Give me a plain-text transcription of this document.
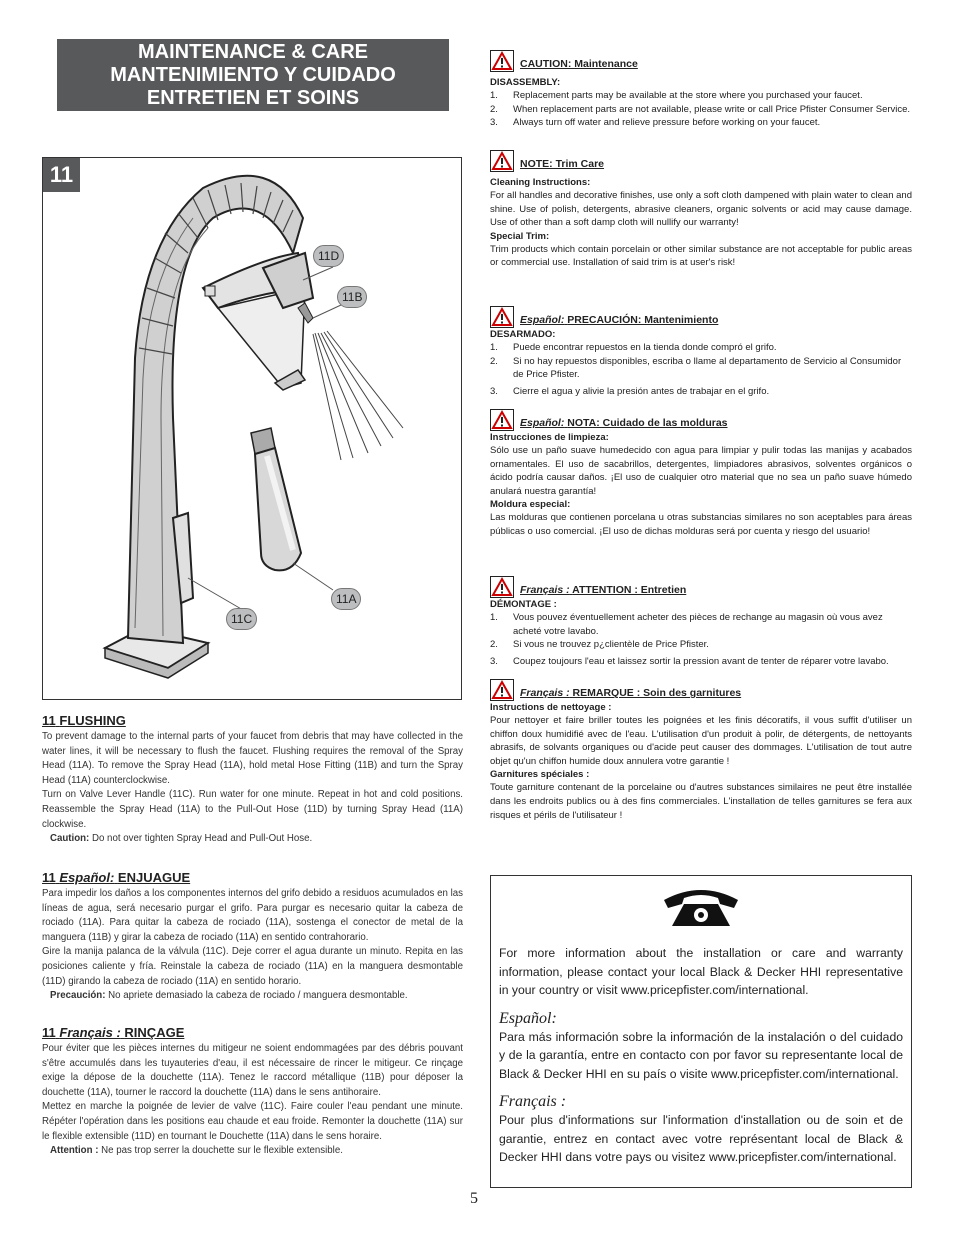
MAINTENANCE & CARE
MANTENIMIENTO Y CUIDADO
ENTRETIEN ET SOINS
11
11D
11B
11A
11C
11 FLUSHING

To prevent damage to the internal parts of your faucet from debris that may have collected in the water lines, it will be necessary to flush the faucet. Flushing requires the removal of the Spray Head (11A). To remove the Spray Head (11A), hold metal Hose Fitting (11B) and turn the Spray Head (11A) counterclockwise.

Turn on Valve Lever Handle (11C). Run water for one minute. Repeat in hot and cold positions. Reassemble the Spray Head (11A) to the Pull-Out Hose (11D) by turning Spray Head (11A) clockwise.

Caution: Do not over tighten Spray Head and Pull-Out Hose.

11 Español: ENJUAGUE

Para impedir los daños a los componentes internos del grifo debido a residuos acumulados en las líneas de agua, será necesario purgar el grifo. Para purgar es necesario quitar la cabeza de rociado (11A). Para quitar la cabeza de rociado (11A), sostenga el conector de metal de la manguera (11B) y girar la cabeza de rociado (11A) en sentido contrahorario.

Gire la manija palanca de la válvula (11C). Deje correr el agua durante un minuto. Repita en las posiciones caliente y fría. Reinstale la cabeza de rociado (11A) en la manguera desmontable (11D) girando la cabeza de rociado (11A) en sentido horario.

Precaución: No apriete demasiado la cabeza de rociado / manguera desmontable.

11 Français : RINÇAGE

Pour éviter que les pièces internes du mitigeur ne soient endommagées par des débris pouvant s'être accumulés dans les tuyauteries d'eau, il est nécessaire de rincer le mitigeur. Ce rinçage exige la dépose de la douchette (11A). Tenez le raccord métallique (11B) pour déposer la douchette (11A), tourner le raccord la douchette (11A) dans le sens antihoraire.

Mettez en marche la poignée de levier de valve (11C). Faire couler l'eau pendant une minute. Répéter l'opération dans les positions eau chaude et eau froide. Remonter la douchette (11A) sur le flexible extensible (11D) en tournant le Douchette (11A) dans le sens horaire.

Attention : Ne pas trop serrer la douchette sur le flexible extensible.

CAUTION: Maintenance
DISASSEMBLY:
1. Replacement parts may be available at the store where you purchased your faucet.
2. When replacement parts are not available, please write or call Price Pfister Consumer Service.
3. Always turn off water and relieve pressure before working on your faucet.
NOTE: Trim Care
Cleaning Instructions:
For all handles and decorative finishes, use only a soft cloth dampened with plain water to clean and shine. Use of polish, detergents, abrasive cleaners, organic solvents or acid may cause damage. Use of other than a soft damp cloth will nullify our warranty!
Special Trim:
Trim products which contain porcelain or other similar substance are not acceptable for public areas or commercial use. Installation of said trim is at user's risk!
Español: PRECAUCIÓN: Mantenimiento
DESARMADO:
1. Puede encontrar repuestos en la tienda donde compró el grifo.
2. Si no hay repuestos disponibles, escriba o llame al departamento de Servicio al Consumidor de Price Pfister.
3. Cierre el agua y alivie la presión antes de trabajar en el grifo.
Español: NOTA: Cuidado de las molduras
Instrucciones de limpieza:
Sólo use un paño suave humedecido con agua para limpiar y pulir todas las manijas y acabados ornamentales. El uso de sacabrillos, detergentes, limpiadores abrasivos, solventes orgánicos o ácido podría causar daños. ¡El uso de cualquier otro material que no sea un paño suave húmedo anulará nuestra garantía!
Moldura especial:
Las molduras que contienen porcelana u otras substancias similares no son aceptables para áreas públicas o uso comercial. ¡El uso de dichas molduras será por cuenta y riesgo del usuario!
Français : ATTENTION : Entretien
DÉMONTAGE :
1. Vous pouvez éventuellement acheter des pièces de rechange au magasin où vous avez acheté votre lavabo.
2. Si vous ne trouvez p¿clientèle de Price Pfister.
3. Coupez toujours l'eau et laissez sortir la pression avant de tenter de réparer votre lavabo.
Français : REMARQUE : Soin des garnitures
Instructions de nettoyage :
Pour nettoyer et faire briller toutes les poignées et les finis décoratifs, il vous suffit d'utiliser un chiffon doux humidifié avec de l'eau. L'utilisation d'un produit à polir, de détergents, de nettoyants abrasifs, de solvants organiques ou d'acide peut causer des dommages. L'utilisation de tout autre objet qu'un chiffon humide doux annulera votre garantie !
Garnitures spéciales :
Toute garniture contenant de la porcelaine ou d'autres substances similaires ne peut être installée dans les endroits publics ou à des fins commerciales. L'installation de telles garnitures se fera aux risques et périls de l'utilisateur !
For more information about the installation or care and warranty information, please contact your local Black & Decker HHI representative in your country or visit www.pricepfister.com/international.
Español:
Para más información sobre la información de la instalación o del cuidado y de la garantía, entre en contacto con por favor su representante local de Black & Decker HHI en su país o visite www.pricepfister.com/international.
Français :
Pour plus d'informations sur l'information d'installation ou de soin et de garantie, entrez en contact avec votre représentant local de Black & Decker HHI dans votre pays ou visitez www.pricepfister.com/international.
5
